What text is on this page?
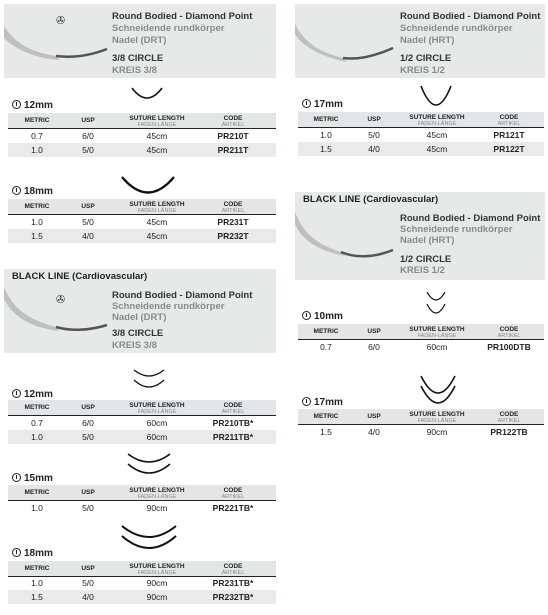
✇	Round Bodied - Diamond Point
Schneidende rundkörper
Nadel (DRT)
3/8 CIRCLE
KREIS 3/8
12mm
METRIC	USP	SUTURE LENGTH
FADEN-LÄNGE
CODE
ARTIKEL
0.7	6/0	45cm	PR210T
1.0	5/0	45cm	PR211T
18mm
METRIC	USP	SUTURE LENGTH
FADEN-LÄNGE
CODE
ARTIKEL
1.0	5/0	45cm	PR231T
1.5	4/0	45cm	PR232T
BLACK LINE (Cardiovascular)
✇	Round Bodied - Diamond Point
Schneidende rundkörper
Nadel (DRT)
3/8 CIRCLE
KREIS 3/8
12mm
METRIC	USP	SUTURE LENGTH
FADEN-LÄNGE
CODE
ARTIKEL
0.7	6/0	60cm	PR210TB*
1.0	5/0	60cm	PR211TB*
15mm
METRIC	USP	SUTURE LENGTH
FADEN-LÄNGE
CODE
ARTIKEL
1.0	5/0	90cm	PR221TB*
18mm
METRIC	USP	SUTURE LENGTH
FADEN-LÄNGE
CODE
ARTIKEL
1.0	5/0	90cm	PR231TB*
1.5	4/0	90cm	PR232TB*
Round Bodied - Diamond Point
Schneidende rundkörper
Nadel (HRT)
1/2 CIRCLE
KREIS 1/2
17mm
METRIC	USP	SUTURE LENGTH
FADEN-LÄNGE
CODE
ARTIKEL
1.0	5/0	45cm	PR121T
1.5	4/0	45cm	PR122T
BLACK LINE (Cardiovascular)
Round Bodied - Diamond Point
Schneidende rundkörper
Nadel (HRT)
1/2 CIRCLE
KREIS 1/2
10mm
METRIC	USP	SUTURE LENGTH
FADEN-LÄNGE
CODE
ARTIKEL
0.7	6/0	60cm	PR100DTB
17mm
METRIC	USP	SUTURE LENGTH
FADEN-LÄNGE
CODE
ARTIKEL
1.5	4/0	90cm	PR122TB
